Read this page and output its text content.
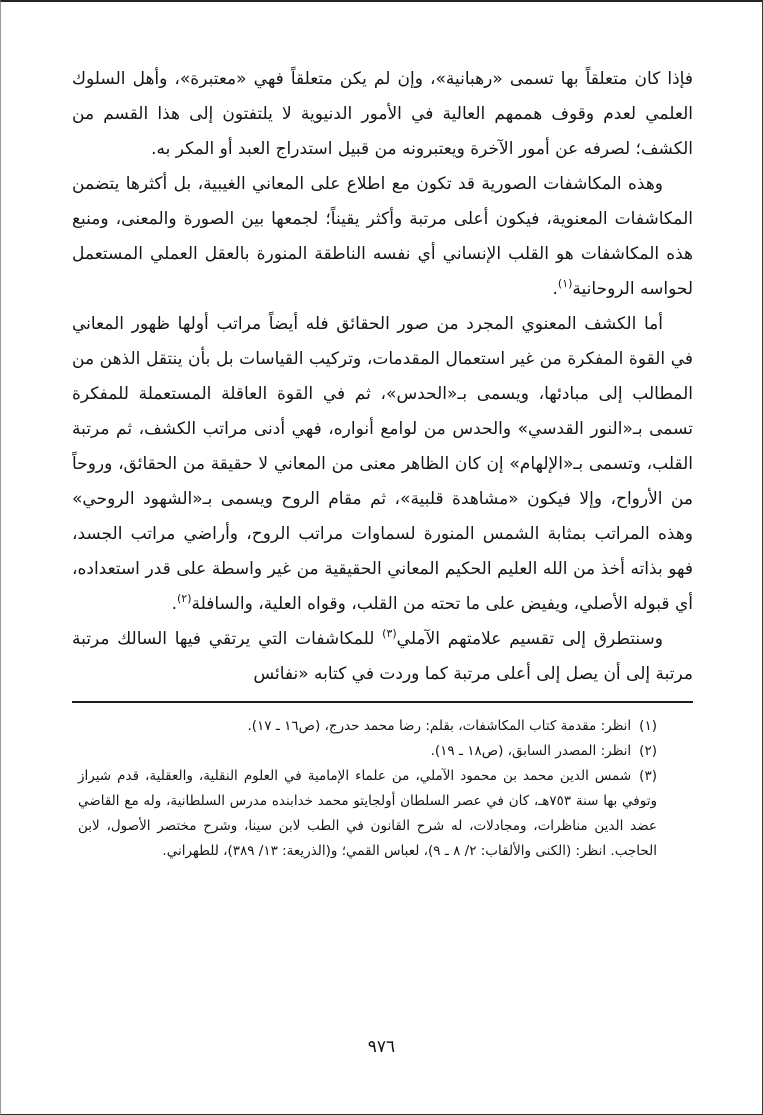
فإذا كان متعلقاً بها تسمى «رهبانية»، وإن لم يكن متعلقاً فهي «معتبرة»، وأهل السلوك العلمي لعدم وقوف هممهم العالية في الأمور الدنيوية لا يلتفتون إلى هذا القسم من الكشف؛ لصرفه عن أمور الآخرة ويعتبرونه من قبيل استدراج العبد أو المكر به.

وهذه المكاشفات الصورية قد تكون مع اطلاع على المعاني الغيبية، بل أكثرها يتضمن المكاشفات المعنوية، فيكون أعلى مرتبة وأكثر يقيناً؛ لجمعها بين الصورة والمعنى، ومنبع هذه المكاشفات هو القلب الإنساني أي نفسه الناطقة المنورة بالعقل العملي المستعمل لحواسه الروحانية$^{(١)}$.

أما الكشف المعنوي المجرد من صور الحقائق فله أيضاً مراتب أولها ظهور المعاني في القوة المفكرة من غير استعمال المقدمات، وتركيب القياسات بل بأن ينتقل الذهن من المطالب إلى مبادئها، ويسمى بـ«الحدس»، ثم في القوة العاقلة المستعملة للمفكرة تسمى بـ«النور القدسي» والحدس من لوامع أنواره، فهي أدنى مراتب الكشف، ثم مرتبة القلب، وتسمى بـ«الإلهام» إن كان الظاهر معنى من المعاني لا حقيقة من الحقائق، وروحاً من الأرواح، وإلا فيكون «مشاهدة قلبية»، ثم مقام الروح ويسمى بـ«الشهود الروحي» وهذه المراتب بمثابة الشمس المنورة لسماوات مراتب الروح، وأراضي مراتب الجسد، فهو بذاته أخذ من الله العليم الحكيم المعاني الحقيقية من غير واسطة على قدر استعداده، أي قبوله الأصلي، ويفيض على ما تحته من القلب، وقواه العلية، والسافلة$^{(٢)}$.

وسنتطرق إلى تقسيم علامتهم الآملي$^{(٣)}$ للمكاشفات التي يرتقي فيها السالك مرتبة مرتبة إلى أن يصل إلى أعلى مرتبة كما وردت في كتابه «نفائس

(١)انظر: مقدمة كتاب المكاشفات، بقلم: رضا محمد حدرج، (ص١٦ ـ ١٧).

(٢)انظر: المصدر السابق، (ص١٨ ـ ١٩).

(٣)شمس الدين محمد بن محمود الآملي، من علماء الإمامية في العلوم النقلية، والعقلية، قدم شيراز وتوفي بها سنة ٧٥٣هـ، كان في عصر السلطان أولجايتو محمد خدابنده مدرس السلطانية، وله مع القاضي عضد الدين مناظرات، ومجادلات، له شرح القانون في الطب لابن سينا، وشرح مختصر الأصول، لابن الحاجب. انظر: (الكنى والألقاب: ٢/ ٨ ـ ٩)، لعباس القمي؛ و(الذريعة: ١٣/ ٣٨٩)، للطهراني.

٩٧٦
